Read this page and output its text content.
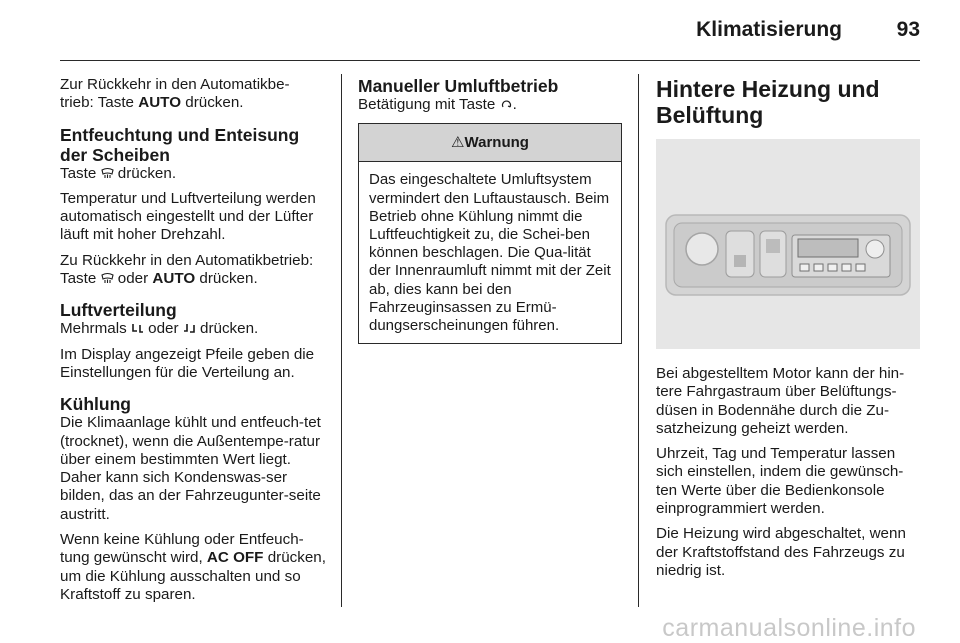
Klimatisierung	93

Zur Rückkehr in den Automatikbe-
trieb: Taste AUTO drücken.

Entfeuchtung und Enteisung der Scheiben

Taste drücken.

Temperatur und Luftverteilung werden automatisch eingestellt und der Lüfter läuft mit hoher Drehzahl.

Zu Rückkehr in den Automatikbetrieb: Taste oder AUTO drücken.

Luftverteilung

Mehrmals oder drücken.

Im Display angezeigt Pfeile geben die Einstellungen für die Verteilung an.

Kühlung

Die Klimaanlage kühlt und entfeuch-tet (trocknet), wenn die Außentempe-ratur über einem bestimmten Wert liegt. Daher kann sich Kondenswas-ser bilden, das an der Fahrzeugunter-seite austritt.

Wenn keine Kühlung oder Entfeuch-tung gewünscht wird, AC OFF drücken, um die Kühlung ausschalten und so Kraftstoff zu sparen.

Manueller Umluftbetrieb

Betätigung mit Taste .

⚠Warnung

Das eingeschaltete Umluftsystem vermindert den Luftaustausch. Beim Betrieb ohne Kühlung nimmt die Luftfeuchtigkeit zu, die Schei-ben können beschlagen. Die Qua-lität der Innenraumluft nimmt mit der Zeit ab, dies kann bei den Fahrzeuginsassen zu Ermü-dungserscheinungen führen.

Hintere Heizung und Belüftung

Bei abgestelltem Motor kann der hin-tere Fahrgastraum über Belüftungs-düsen in Bodennähe durch die Zu-satzheizung geheizt werden.

Uhrzeit, Tag und Temperatur lassen sich einstellen, indem die gewünsch-ten Werte über die Bedienkonsole einprogrammiert werden.

Die Heizung wird abgeschaltet, wenn der Kraftstoffstand des Fahrzeugs zu niedrig ist.

carmanualsonline.info
